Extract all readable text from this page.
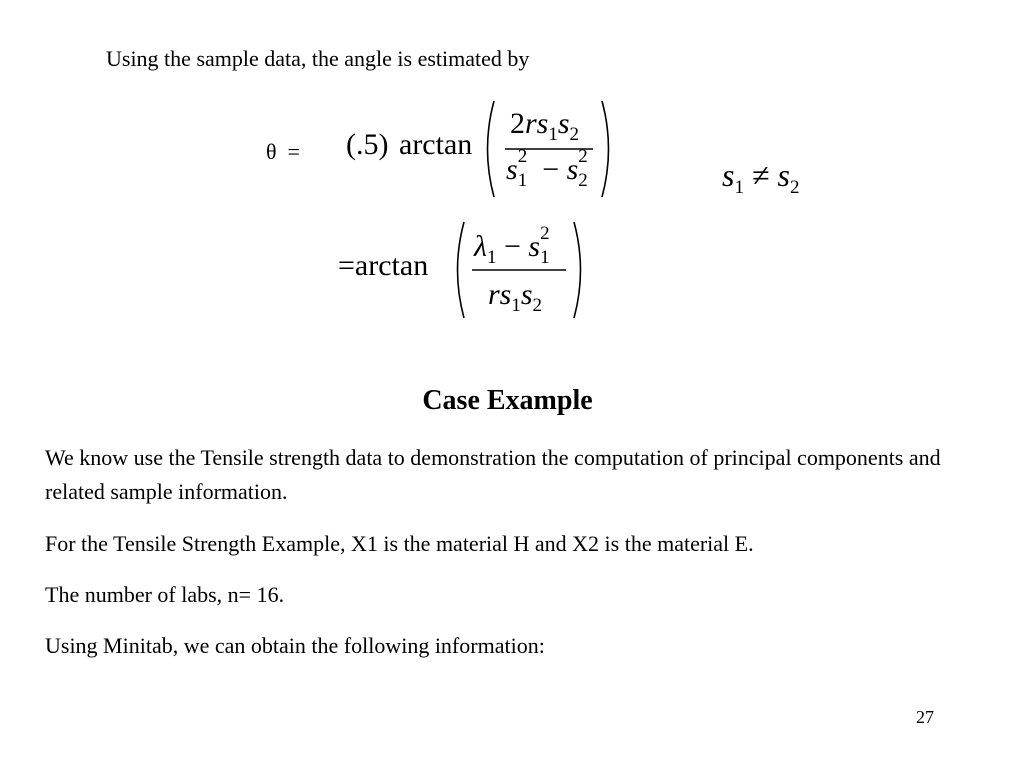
Using the sample data, the angle is estimated by
θ = (.5) arctan
$2rs_1s_2$
s 2
$_1$ − s 2
$_2$	$s_1 \ne s_2$
=arctan
$\lambda_1 - s$ 2
$_1$
$rs_1s_2$
Case Example
We know use the Tensile strength data to demonstration the computation of principal components and related sample information.
For the Tensile Strength Example, X1 is the material H and X2 is the material E.
The number of labs, n= 16.
Using Minitab, we can obtain the following information:
27
